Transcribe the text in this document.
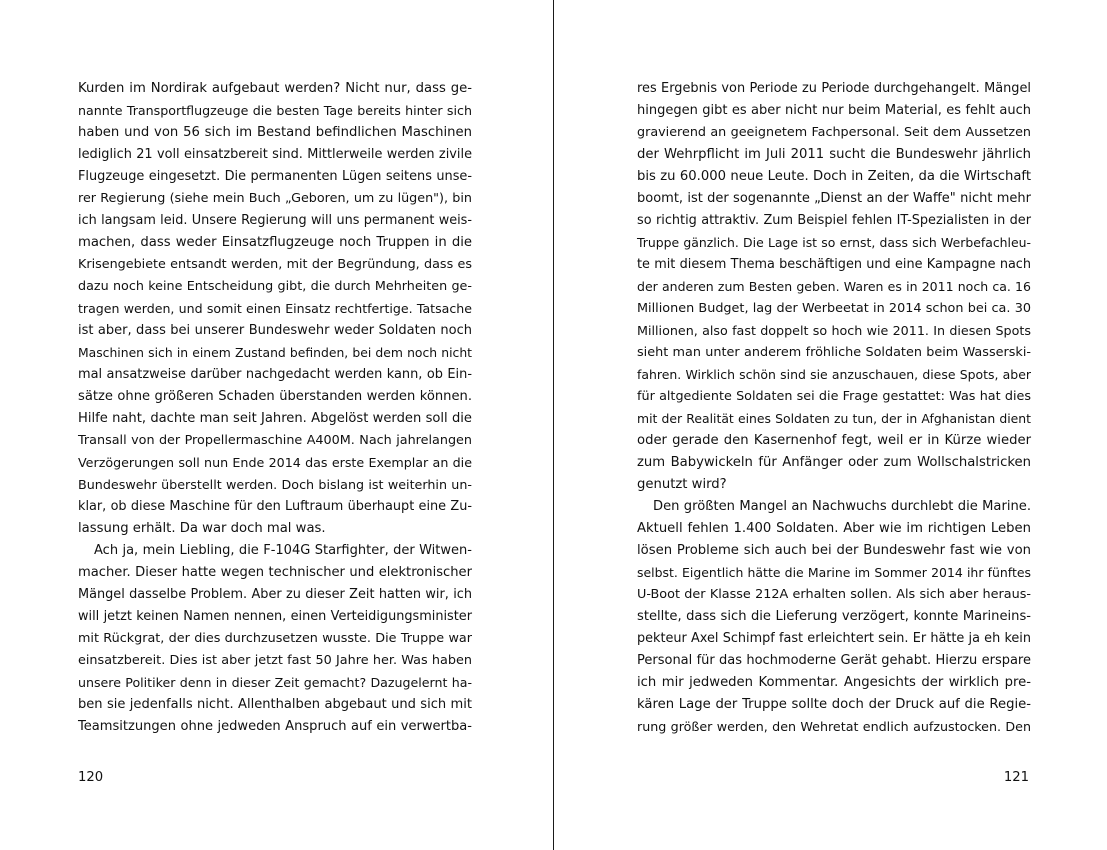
Kurden im Nordirak aufgebaut werden? Nicht nur, dass ge-
nannte Transportflugzeuge die besten Tage bereits hinter sich
haben und von 56 sich im Bestand befindlichen Maschinen
lediglich 21 voll einsatzbereit sind. Mittlerweile werden zivile
Flugzeuge eingesetzt. Die permanenten Lügen seitens unse-
rer Regierung (siehe mein Buch „Geboren, um zu lügen"), bin
ich langsam leid. Unsere Regierung will uns permanent weis-
machen, dass weder Einsatzflugzeuge noch Truppen in die
Krisengebiete entsandt werden, mit der Begründung, dass es
dazu noch keine Entscheidung gibt, die durch Mehrheiten ge-
tragen werden, und somit einen Einsatz rechtfertige. Tatsache
ist aber, dass bei unserer Bundeswehr weder Soldaten noch
Maschinen sich in einem Zustand befinden, bei dem noch nicht
mal ansatzweise darüber nachgedacht werden kann, ob Ein-
sätze ohne größeren Schaden überstanden werden können.
Hilfe naht, dachte man seit Jahren. Abgelöst werden soll die
Transall von der Propellermaschine A400M. Nach jahrelangen
Verzögerungen soll nun Ende 2014 das erste Exemplar an die
Bundeswehr überstellt werden. Doch bislang ist weiterhin un-
klar, ob diese Maschine für den Luftraum überhaupt eine Zu-
lassung erhält. Da war doch mal was.
Ach ja, mein Liebling, die F-104G Starfighter, der Witwen-
macher. Dieser hatte wegen technischer und elektronischer
Mängel dasselbe Problem. Aber zu dieser Zeit hatten wir, ich
will jetzt keinen Namen nennen, einen Verteidigungsminister
mit Rückgrat, der dies durchzusetzen wusste. Die Truppe war
einsatzbereit. Dies ist aber jetzt fast 50 Jahre her. Was haben
unsere Politiker denn in dieser Zeit gemacht? Dazugelernt ha-
ben sie jedenfalls nicht. Allenthalben abgebaut und sich mit
Teamsitzungen ohne jedweden Anspruch auf ein verwertba-
120
res Ergebnis von Periode zu Periode durchgehangelt. Mängel
hingegen gibt es aber nicht nur beim Material, es fehlt auch
gravierend an geeignetem Fachpersonal. Seit dem Aussetzen
der Wehrpflicht im Juli 2011 sucht die Bundeswehr jährlich
bis zu 60.000 neue Leute. Doch in Zeiten, da die Wirtschaft
boomt, ist der sogenannte „Dienst an der Waffe" nicht mehr
so richtig attraktiv. Zum Beispiel fehlen IT-Spezialisten in der
Truppe gänzlich. Die Lage ist so ernst, dass sich Werbefachleu-
te mit diesem Thema beschäftigen und eine Kampagne nach
der anderen zum Besten geben. Waren es in 2011 noch ca. 16
Millionen Budget, lag der Werbeetat in 2014 schon bei ca. 30
Millionen, also fast doppelt so hoch wie 2011. In diesen Spots
sieht man unter anderem fröhliche Soldaten beim Wasserski-
fahren. Wirklich schön sind sie anzuschauen, diese Spots, aber
für altgediente Soldaten sei die Frage gestattet: Was hat dies
mit der Realität eines Soldaten zu tun, der in Afghanistan dient
oder gerade den Kasernenhof fegt, weil er in Kürze wieder
zum Babywickeln für Anfänger oder zum Wollschalstricken
genutzt wird?
Den größten Mangel an Nachwuchs durchlebt die Marine.
Aktuell fehlen 1.400 Soldaten. Aber wie im richtigen Leben
lösen Probleme sich auch bei der Bundeswehr fast wie von
selbst. Eigentlich hätte die Marine im Sommer 2014 ihr fünftes
U-Boot der Klasse 212A erhalten sollen. Als sich aber heraus-
stellte, dass sich die Lieferung verzögert, konnte Marineins-
pekteur Axel Schimpf fast erleichtert sein. Er hätte ja eh kein
Personal für das hochmoderne Gerät gehabt. Hierzu erspare
ich mir jedweden Kommentar. Angesichts der wirklich pre-
kären Lage der Truppe sollte doch der Druck auf die Regie-
rung größer werden, den Wehretat endlich aufzustocken. Den
121
